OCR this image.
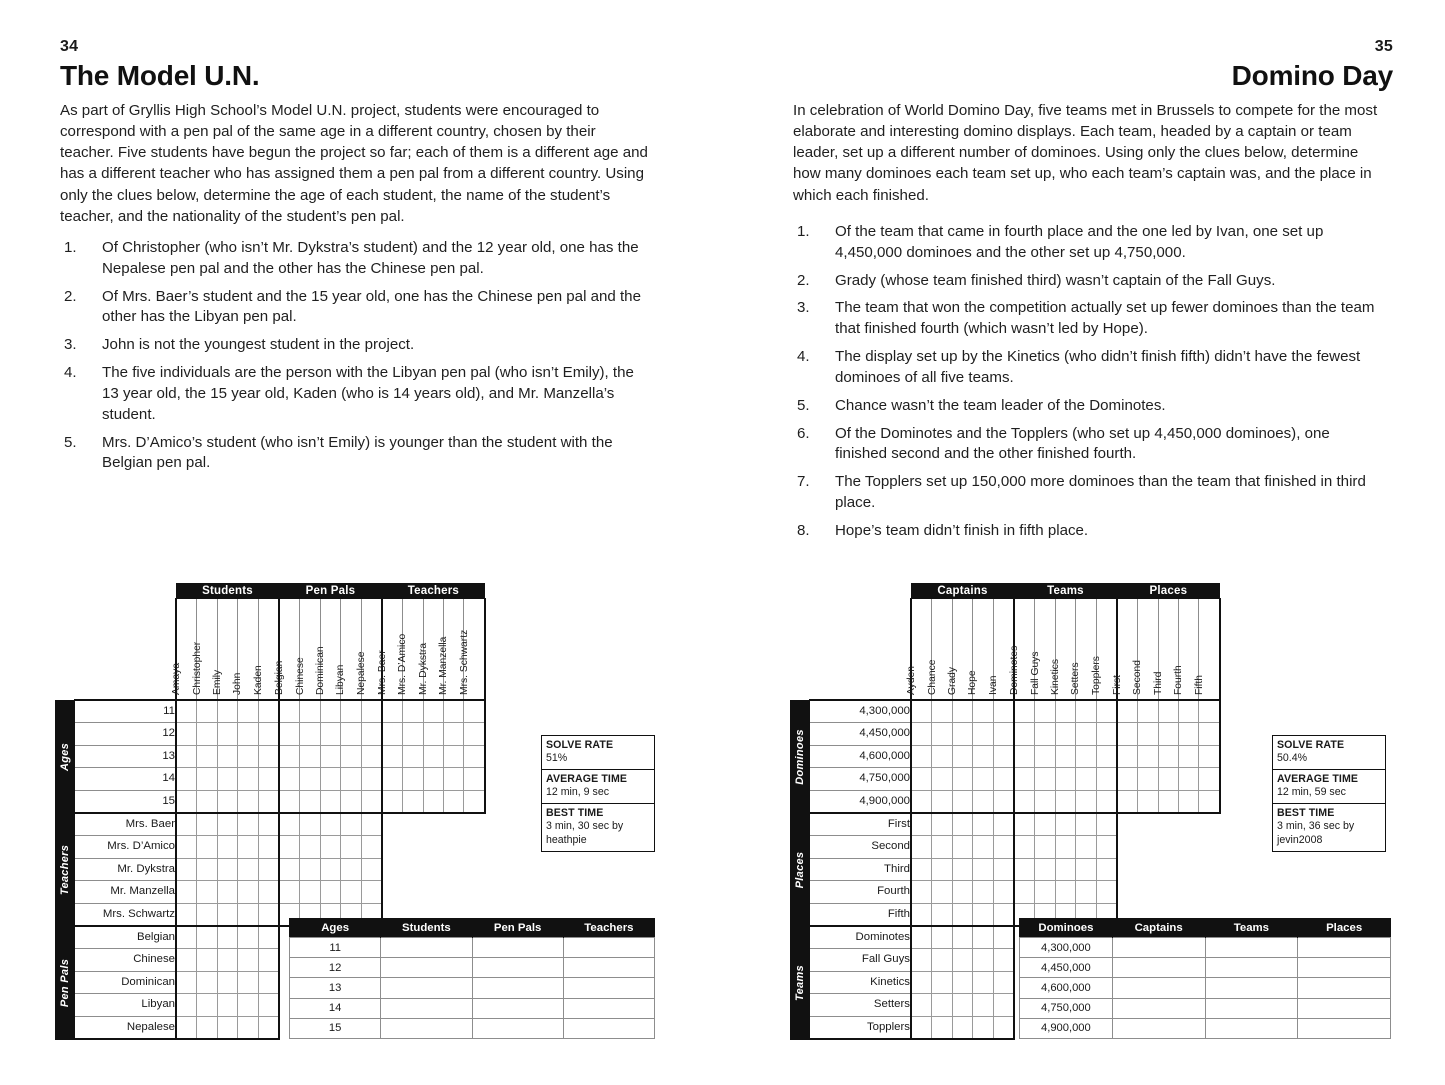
34
The Model U.N.
As part of Gryllis High School’s Model U.N. project, students were encouraged to correspond with a pen pal of the same age in a different country, chosen by their teacher. Five students have begun the project so far; each of them is a different age and has a different teacher who has assigned them a pen pal from a different country. Using only the clues below, determine the age of each student, the name of the student’s teacher, and the nationality of the student’s pen pal.
1.	Of Christopher (who isn’t Mr. Dykstra’s student) and the 12 year old, one has the Nepalese pen pal and the other has the Chinese pen pal.
2.	Of Mrs. Baer’s student and the 15 year old, one has the Chinese pen pal and the other has the Libyan pen pal.
3.	John is not the youngest student in the project.
4.	The five individuals are the person with the Libyan pen pal (who isn’t Emily), the 13 year old, the 15 year old, Kaden (who is 14 years old), and Mr. Manzella’s student.
5.	Mrs. D’Amico’s student (who isn’t Emily) is younger than the student with the Belgian pen pal.
		Students					Pen Pals					Teachers				

		Amaya	Christopher	Emily	John	Kaden	Belgian	Chinese	Dominican	Libyan	Nepalese	Mrs. Baer	Mrs. D’Amico	Mr. Dykstra	Mr. Manzella	Mrs. Schwartz

Ages	11															
	12															
	13															
	14															
	15															

Teachers	Mrs. Baer															
	Mrs. D’Amico															
	Mr. Dykstra															
	Mr. Manzella															
	Mrs. Schwartz															

Pen Pals	Belgian															
	Chinese															
	Dominican															
	Libyan															
	Nepalese															
SOLVE RATE
51%
AVERAGE TIME
12 min, 9 sec
BEST TIME
3 min, 30 sec by heathpie
Ages	Students	Pen Pals	Teachers
11			
12			
13			
14			
15			
35
Domino Day
In celebration of World Domino Day, five teams met in Brussels to compete for the most elaborate and interesting domino displays. Each team, headed by a captain or team leader, set up a different number of dominoes. Using only the clues below, determine how many dominoes each team set up, who each team’s captain was, and the place in which each finished.
1.	Of the team that came in fourth place and the one led by Ivan, one set up 4,450,000 dominoes and the other set up 4,750,000.
2.	Grady (whose team finished third) wasn’t captain of the Fall Guys.
3.	The team that won the competition actually set up fewer dominoes than the team that finished fourth (which wasn’t led by Hope).
4.	The display set up by the Kinetics (who didn’t finish fifth) didn’t have the fewest dominoes of all five teams.
5.	Chance wasn’t the team leader of the Dominotes.
6.	Of the Dominotes and the Topplers (who set up 4,450,000 dominoes), one finished second and the other finished fourth.
7.	The Topplers set up 150,000 more dominoes than the team that finished in third place.
8.	Hope’s team didn’t finish in fifth place.
		Captains					Teams					Places				

		Ayden	Chance	Grady	Hope	Ivan	Dominotes	Fall Guys	Kinetics	Setters	Topplers	First	Second	Third	Fourth	Fifth

Dominoes	4,300,000															
	4,450,000															
	4,600,000															
	4,750,000															
	4,900,000															

Places	First															
	Second															
	Third															
	Fourth															
	Fifth															

Teams	Dominotes															
	Fall Guys															
	Kinetics															
	Setters															
	Topplers															
SOLVE RATE
50.4%
AVERAGE TIME
12 min, 59 sec
BEST TIME
3 min, 36 sec by jevin2008
Dominoes	Captains	Teams	Places
4,300,000			
4,450,000			
4,600,000			
4,750,000			
4,900,000			
